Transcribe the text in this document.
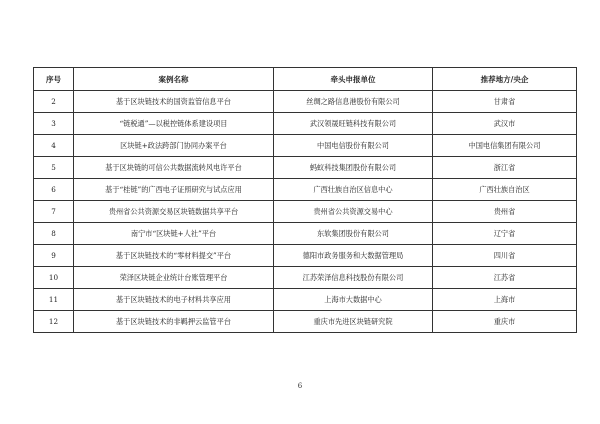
序号	案例名称	牵头申报单位	推荐地方/央企
2	基于区块链技术的国资监管信息平台	丝绸之路信息港股份有限公司	甘肃省
3	“链税通”—以税控链体系建设项目	武汉领晟旺链科技有限公司	武汉市
4	区块链+政法跨部门协同办案平台	中国电信股份有限公司	中国电信集团有限公司
5	基于区块链的可信公共数据流转风电许平台	蚂蚁科技集团股份有限公司	浙江省
6	基于“桂链”的广西电子证照研究与试点应用	广西壮族自治区信息中心	广西壮族自治区
7	贵州省公共资源交易区块链数据共享平台	贵州省公共资源交易中心	贵州省
8	南宁市“区块链+人社”平台	东软集团股份有限公司	辽宁省
9	基于区块链技术的“零材料提交”平台	德阳市政务服务和大数据管理局	四川省
10	荣泽区块链企业统计台账管理平台	江苏荣泽信息科技股份有限公司	江苏省
11	基于区块链技术的电子材料共享应用	上海市大数据中心	上海市
12	基于区块链技术的非羁押云监管平台	重庆市先进区块链研究院	重庆市
6
